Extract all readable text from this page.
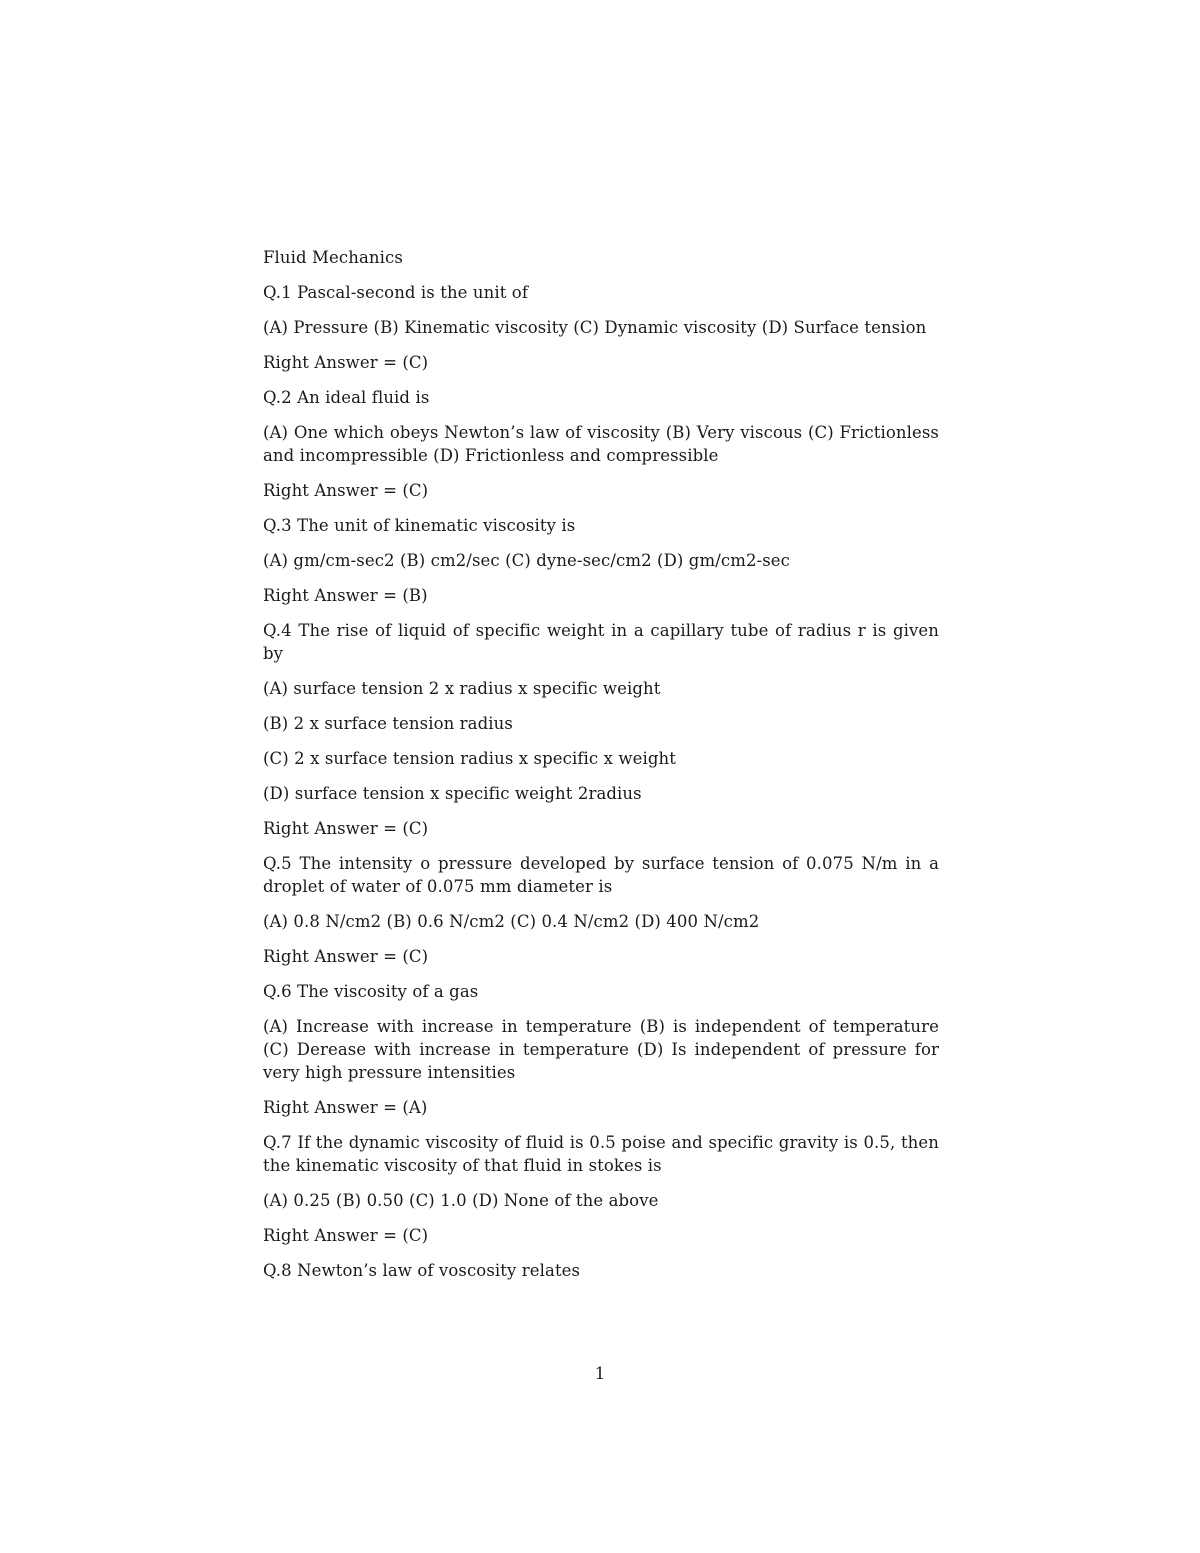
Fluid Mechanics

Q.1 Pascal-second is the unit of

(A) Pressure (B) Kinematic viscosity (C) Dynamic viscosity (D) Surface tension

Right Answer = (C)

Q.2 An ideal fluid is

(A) One which obeys Newton’s law of viscosity (B) Very viscous (C) Frictionless and incompressible (D) Frictionless and compressible

Right Answer = (C)

Q.3 The unit of kinematic viscosity is

(A) gm/cm-sec2 (B) cm2/sec (C) dyne-sec/cm2 (D) gm/cm2-sec

Right Answer = (B)

Q.4 The rise of liquid of specific weight in a capillary tube of radius r is given by

(A) surface tension 2 x radius x specific weight

(B) 2 x surface tension radius

(C) 2 x surface tension radius x specific x weight

(D) surface tension x specific weight 2radius

Right Answer = (C)

Q.5 The intensity o pressure developed by surface tension of 0.075 N/m in a droplet of water of 0.075 mm diameter is

(A) 0.8 N/cm2 (B) 0.6 N/cm2 (C) 0.4 N/cm2 (D) 400 N/cm2

Right Answer = (C)

Q.6 The viscosity of a gas

(A) Increase with increase in temperature (B) is independent of temperature (C) Derease with increase in temperature (D) Is independent of pressure for very high pressure intensities

Right Answer = (A)

Q.7 If the dynamic viscosity of fluid is 0.5 poise and specific gravity is 0.5, then the kinematic viscosity of that fluid in stokes is

(A) 0.25 (B) 0.50 (C) 1.0 (D) None of the above

Right Answer = (C)

Q.8 Newton’s law of voscosity relates

1
